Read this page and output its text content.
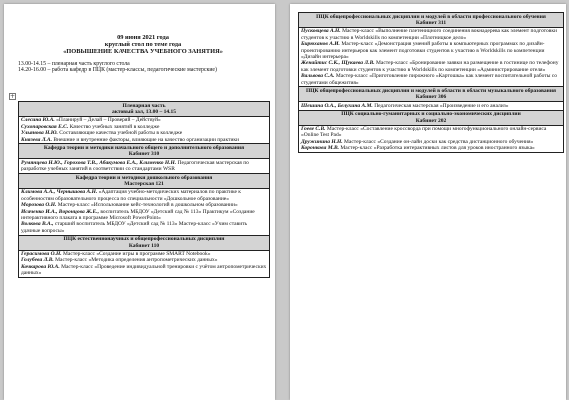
09 июня 2021 года

круглый стол по теме года

«ПОВЫШЕНИЕ КАЧЕСТВА УЧЕБНОГО ЗАНЯТИЯ»

13.00-14.15 – пленарная часть круглого стола
14.20-16.00 – работа кафедр в ПЦК (мастер-классы, педагогические мастерские)
+
Пленарная часть
актовый зал, 13.00 – 14.15

Слесина Ю.А. «Планируй – Делай – Проверяй – Действуй»
Сухопаровская Е.С. Качество учебных занятий в колледже
Ульянова Н.Ю. Составляющие качества учебной работы в колледже
Князева Л.А. Внешние и внутренние факторы, влияющие на качество организации практики

Кафедра теории и методики начального общего и дополнительного образования
Кабинет 310

Румянцева Н.Ю., Горохова Т.В., Абакумова Е.А., Клименко Н.Н. Педагогическая мастерская по разработке учебных занятий в соответствии со стандартами WSR

Кафедра теории и методики дошкольного образования
Мастерская 121

Климова А.А., Чернышова А.Н. «Адаптация учебно-методических материалов по практике к особенностям образовательного процесса по специальности «Дошкольное образование»
Морозова О.Н. Мастер-класс «Использование кейс-технологий в дошкольном образовании»
Исаченко И.А., Воронцова Ж.Е., воспитатель МБДОУ «Детский сад № 113» Практикум «Создание интерактивного плаката в программе Microsoft PowerPoint»
Волкова В.А., старший воспитатель МБДОУ «Детский сад № 113» Мастер-класс «Учим ставить удачные вопросы»

ПЦК естественнонаучных и общепрофессиональных дисциплин
Кабинет 110

Герасимова О.Н. Мастер-класс «Создание игры в программе SMART Notebook»
Голубева Л.В. Мастер-класс «Методика определения антропометрических данных»
Кочкарова Ю.А. Мастер-класс «Проведение индивидуальной тренировки с учётом антропометрических данных»
ПЦК общепрофессиональных дисциплин и модулей в области профессионального обучения
Кабинет 311

Пусковцева А.Н. Мастер-класс «Выполнение плетеницного соединения вокнадерева как элемент подготовки студентов к участию в Worldskills по компетенции «Плотницкое дело»
Бирюханов А.И. Мастер-класс «Демонстрация умений работы в компьютерных программах по дизайн-проектированию интерьеров как элемент подготовки студентов к участию в Worldskills по компетенции «Дизайн интерьера»
Женайтис С.К., Щукаева Л.В. Мастер-класс «Бронирование заявки на размещение в гостинице по телефону как элемент подготовки студентов к участию в Worldskills по компетенции «Администрирование отеля»
Вальвова С.А. Мастер-класс «Приготовление пирожного «Картошка» как элемент воспитательной работы со студентами общежития»

ПЦК общепрофессиональных дисциплин и модулей в области в области музыкального образования
Кабинет 306

Шешина О.А., Белухина А.М. Педагогическая мастерская «Произведение и его анализ»

ПЦК социально-гуманитарных и социально-экономических дисциплин
Кабинет 202

Гоеве С.В. Мастер-класс «Составление кроссворда при помощи многофункционального онлайн-сервиса «Online Test Pad»
Дружинина Н.Н. Мастер-класс «Создание он-лайн доски как средства дистанционного обучения»
Коронкова М.В. Мастер-класс «Разработка интерактивных листов для уроков иностранного языка»
